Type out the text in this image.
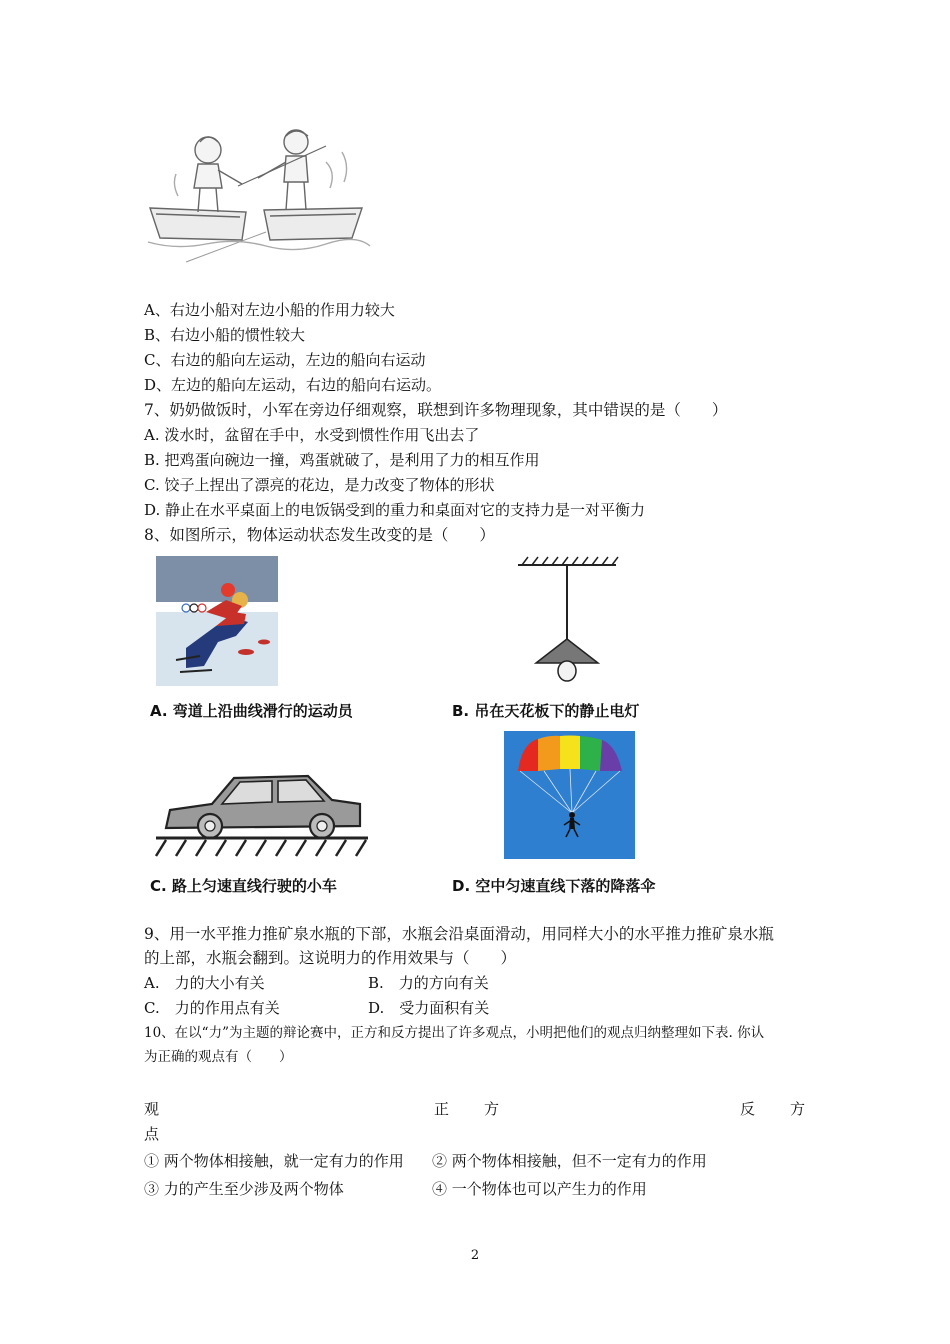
A、右边小船对左边小船的作用力较大
B、右边小船的惯性较大
C、右边的船向左运动，左边的船向右运动
D、左边的船向左运动，右边的船向右运动。
7、奶奶做饭时，小军在旁边仔细观察，联想到许多物理现象，其中错误的是（　　）
A. 泼水时，盆留在手中，水受到惯性作用飞出去了
B. 把鸡蛋向碗边一撞，鸡蛋就破了，是利用了力的相互作用
C. 饺子上捏出了漂亮的花边，是力改变了物体的形状
D. 静止在水平桌面上的电饭锅受到的重力和桌面对它的支持力是一对平衡力
8、如图所示，物体运动状态发生改变的是（　　）
A. 弯道上沿曲线滑行的运动员	B. 吊在天花板下的静止电灯
C. 路上匀速直线行驶的小车	D. 空中匀速直线下落的降落伞
9、用一水平推力推矿泉水瓶的下部，水瓶会沿桌面滑动，用同样大小的水平推力推矿泉水瓶
的上部，水瓶会翻到。这说明力的作用效果与（　　）
A.　力的大小有关	B.　力的方向有关
C.　力的作用点有关	D.　受力面积有关
10、在以“力”为主题的辩论赛中，正方和反方提出了许多观点，小明把他们的观点归纳整理如下表. 你认
为正确的观点有（　　）
观
点
正 方	反 方
① 两个物体相接触，就一定有力的作用 ② 两个物体相接触，但不一定有力的作用
③ 力的产生至少涉及两个物体	④ 一个物体也可以产生力的作用
2
